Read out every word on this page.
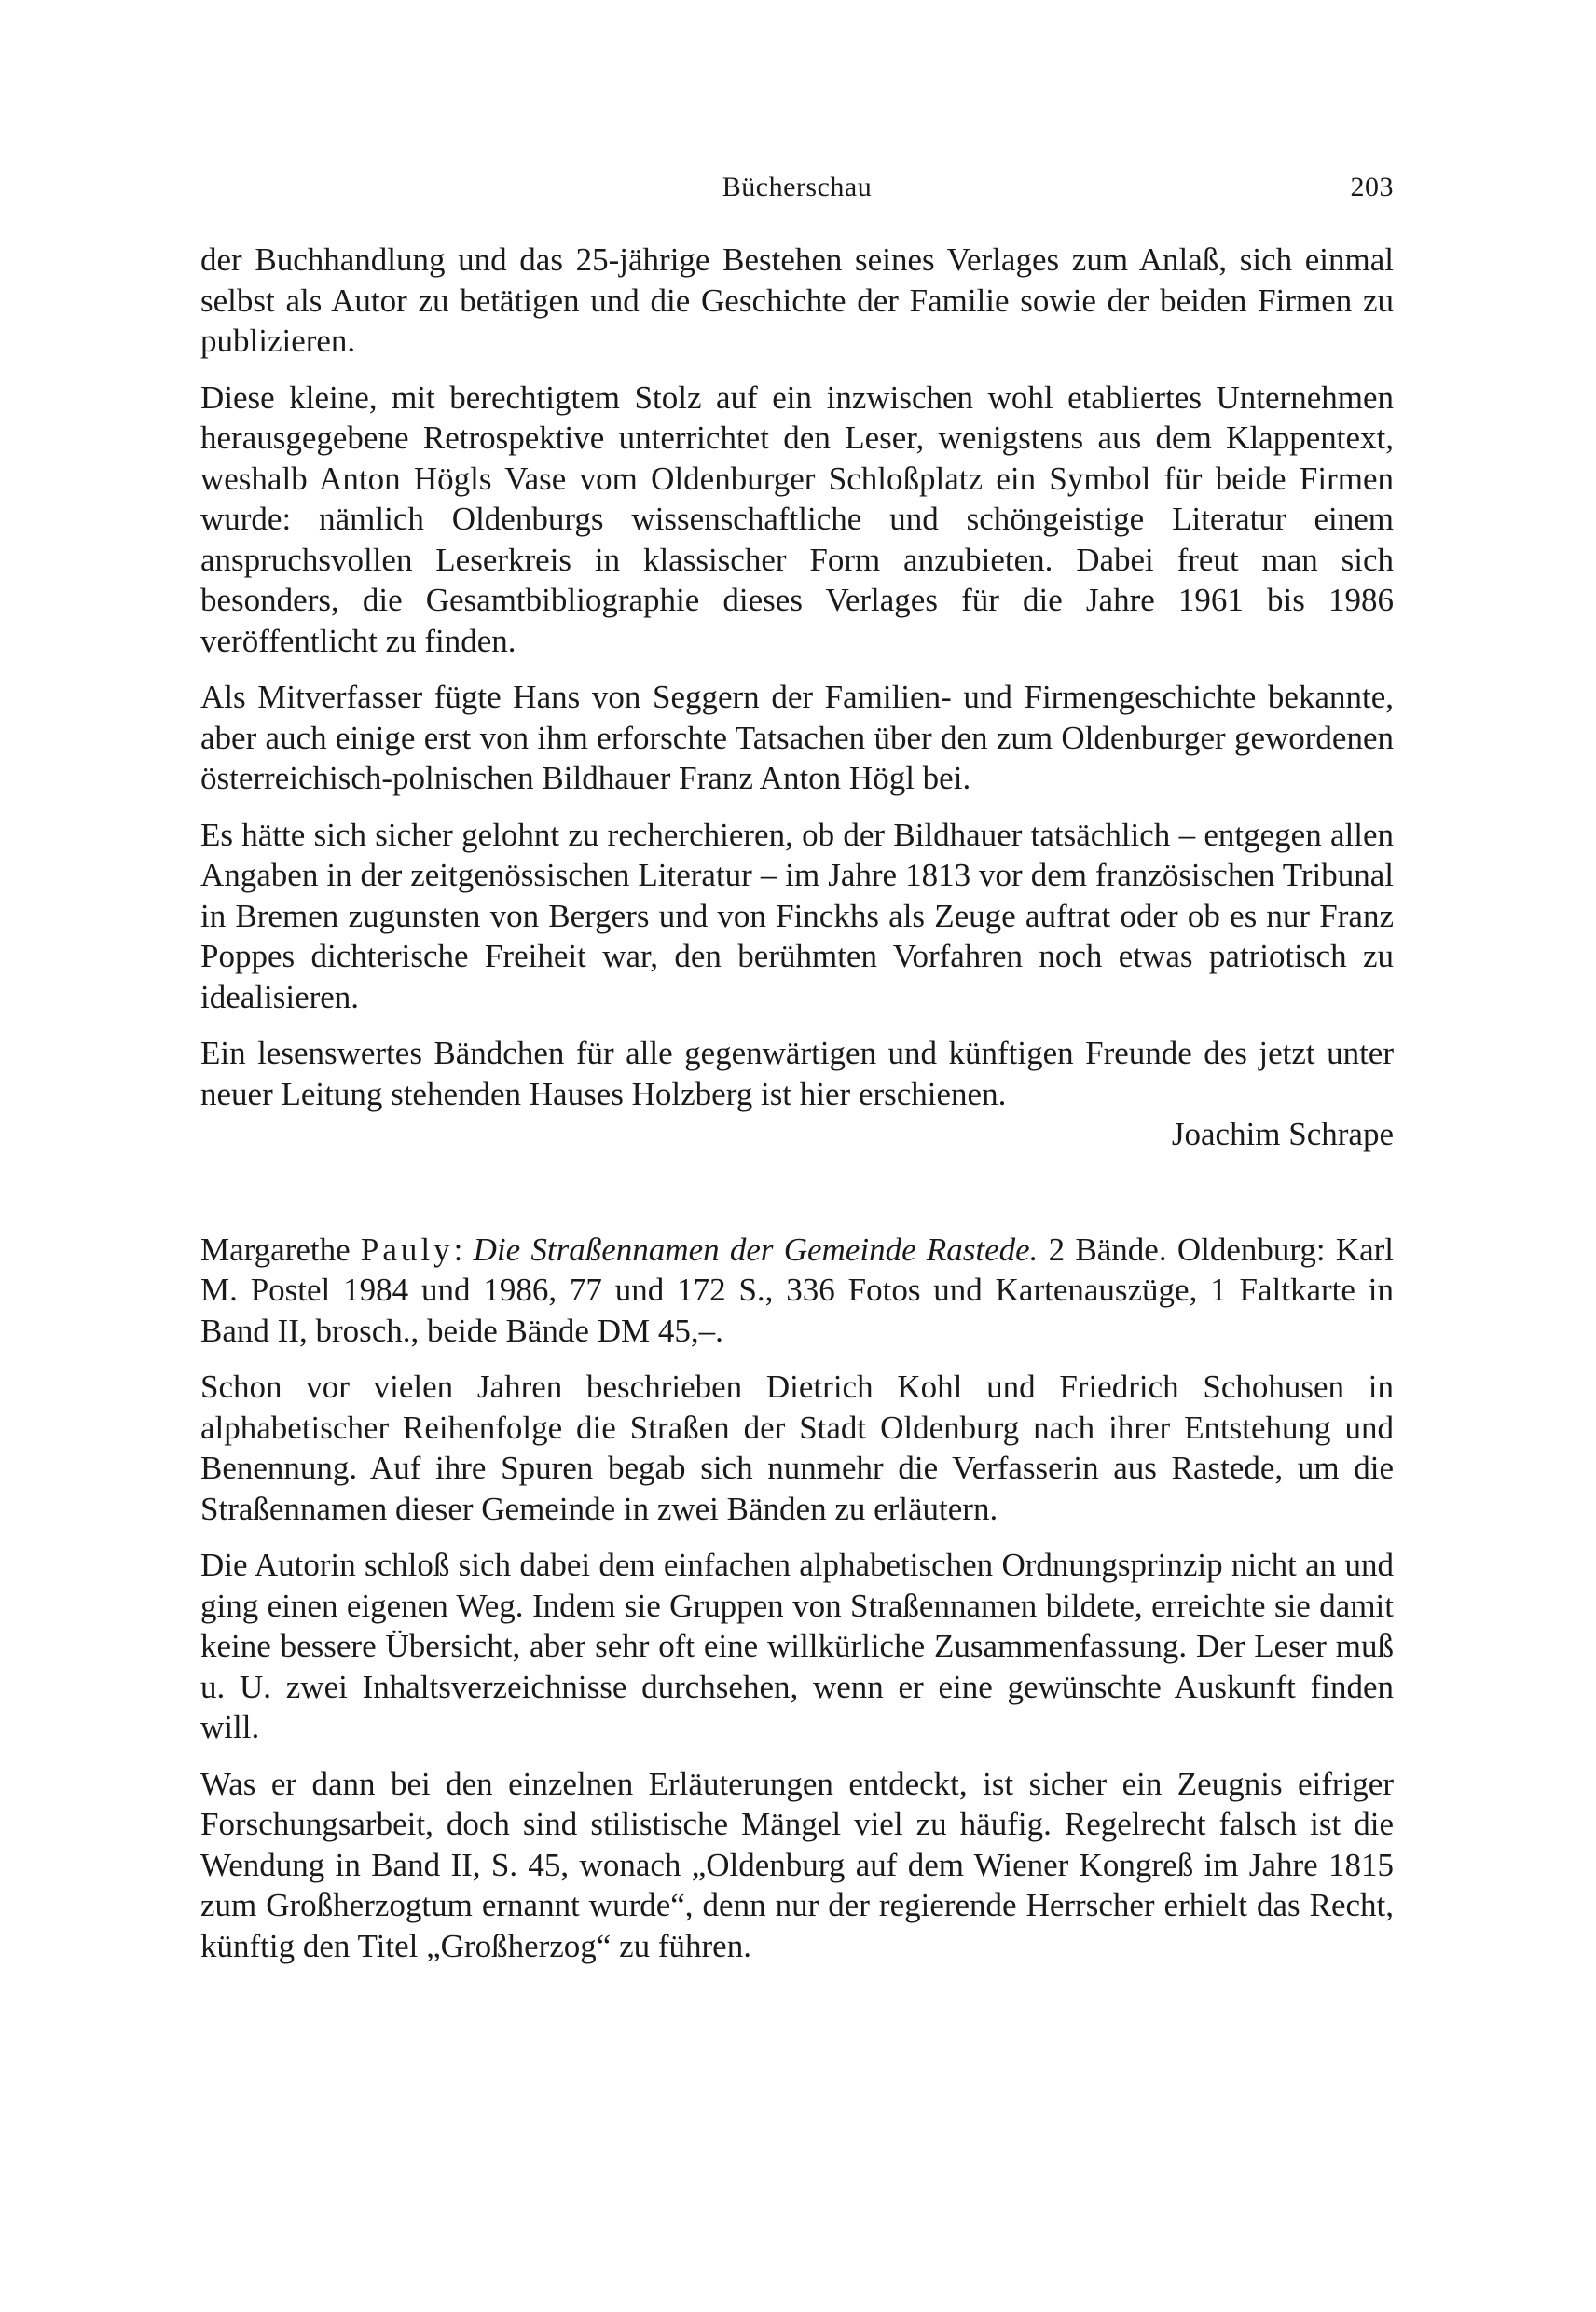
Bücherschau	203

der Buchhandlung und das 25-jährige Bestehen seines Verlages zum Anlaß, sich einmal selbst als Autor zu betätigen und die Geschichte der Familie sowie der beiden Firmen zu publizieren.

Diese kleine, mit berechtigtem Stolz auf ein inzwischen wohl etabliertes Unternehmen herausgegebene Retrospektive unterrichtet den Leser, wenigstens aus dem Klappentext, weshalb Anton Högls Vase vom Oldenburger Schloßplatz ein Symbol für beide Firmen wurde: nämlich Oldenburgs wissenschaftliche und schöngeistige Literatur einem anspruchsvollen Leserkreis in klassischer Form anzubieten. Dabei freut man sich besonders, die Gesamtbibliographie dieses Verlages für die Jahre 1961 bis 1986 veröffentlicht zu finden.

Als Mitverfasser fügte Hans von Seggern der Familien- und Firmengeschichte bekannte, aber auch einige erst von ihm erforschte Tatsachen über den zum Oldenburger gewordenen österreichisch-polnischen Bildhauer Franz Anton Högl bei.

Es hätte sich sicher gelohnt zu recherchieren, ob der Bildhauer tatsächlich – entgegen allen Angaben in der zeitgenössischen Literatur – im Jahre 1813 vor dem französischen Tribunal in Bremen zugunsten von Bergers und von Finckhs als Zeuge auftrat oder ob es nur Franz Poppes dichterische Freiheit war, den berühmten Vorfahren noch etwas patriotisch zu idealisieren.

Ein lesenswertes Bändchen für alle gegenwärtigen und künftigen Freunde des jetzt unter neuer Leitung stehenden Hauses Holzberg ist hier erschienen.

Joachim Schrape

Margarethe Pauly: Die Straßennamen der Gemeinde Rastede. 2 Bände. Oldenburg: Karl M. Postel 1984 und 1986, 77 und 172 S., 336 Fotos und Kartenauszüge, 1 Faltkarte in Band II, brosch., beide Bände DM 45,–.

Schon vor vielen Jahren beschrieben Dietrich Kohl und Friedrich Schohusen in alphabetischer Reihenfolge die Straßen der Stadt Oldenburg nach ihrer Entstehung und Benennung. Auf ihre Spuren begab sich nunmehr die Verfasserin aus Rastede, um die Straßennamen dieser Gemeinde in zwei Bänden zu erläutern.

Die Autorin schloß sich dabei dem einfachen alphabetischen Ordnungsprinzip nicht an und ging einen eigenen Weg. Indem sie Gruppen von Straßennamen bildete, erreichte sie damit keine bessere Übersicht, aber sehr oft eine willkürliche Zusammenfassung. Der Leser muß u. U. zwei Inhaltsverzeichnisse durchsehen, wenn er eine gewünschte Auskunft finden will.

Was er dann bei den einzelnen Erläuterungen entdeckt, ist sicher ein Zeugnis eifriger Forschungsarbeit, doch sind stilistische Mängel viel zu häufig. Regelrecht falsch ist die Wendung in Band II, S. 45, wonach „Oldenburg auf dem Wiener Kongreß im Jahre 1815 zum Großherzogtum ernannt wurde“, denn nur der regierende Herrscher erhielt das Recht, künftig den Titel „Großherzog“ zu führen.
